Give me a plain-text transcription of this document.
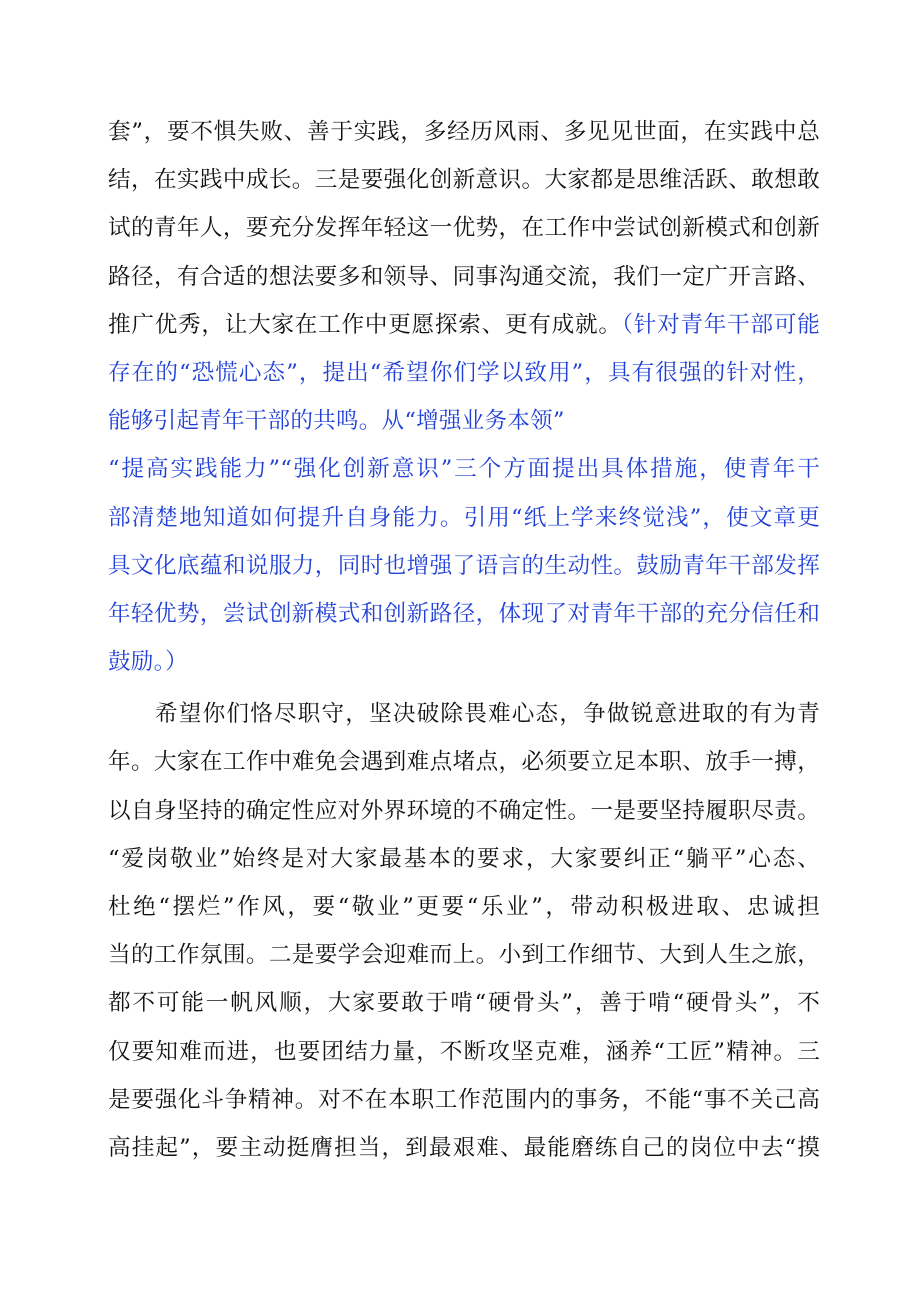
套”，要不惧失败、善于实践，多经历风雨、多见见世面，在实践中总
结，在实践中成长。三是要强化创新意识。大家都是思维活跃、敢想敢
试的青年人，要充分发挥年轻这一优势，在工作中尝试创新模式和创新
路径，有合适的想法要多和领导、同事沟通交流，我们一定广开言路、
推广优秀，让大家在工作中更愿探索、更有成就。（针对青年干部可能
存在的“恐慌心态”，提出“希望你们学以致用”，具有很强的针对性，
能够引起青年干部的共鸣。从“增强业务本领”
“提高实践能力”“强化创新意识”三个方面提出具体措施，使青年干
部清楚地知道如何提升自身能力。引用“纸上学来终觉浅”，使文章更
具文化底蕴和说服力，同时也增强了语言的生动性。鼓励青年干部发挥
年轻优势，尝试创新模式和创新路径，体现了对青年干部的充分信任和
鼓励。）
希望你们恪尽职守，坚决破除畏难心态，争做锐意进取的有为青
年。大家在工作中难免会遇到难点堵点，必须要立足本职、放手一搏，
以自身坚持的确定性应对外界环境的不确定性。一是要坚持履职尽责。
“爱岗敬业”始终是对大家最基本的要求，大家要纠正“躺平”心态、
杜绝“摆烂”作风，要“敬业”更要“乐业”，带动积极进取、忠诚担
当的工作氛围。二是要学会迎难而上。小到工作细节、大到人生之旅，
都不可能一帆风顺，大家要敢于啃“硬骨头”，善于啃“硬骨头”，不
仅要知难而进，也要团结力量，不断攻坚克难，涵养“工匠”精神。三
是要强化斗争精神。对不在本职工作范围内的事务，不能“事不关己高
高挂起”，要主动挺膺担当，到最艰难、最能磨练自己的岗位中去“摸
